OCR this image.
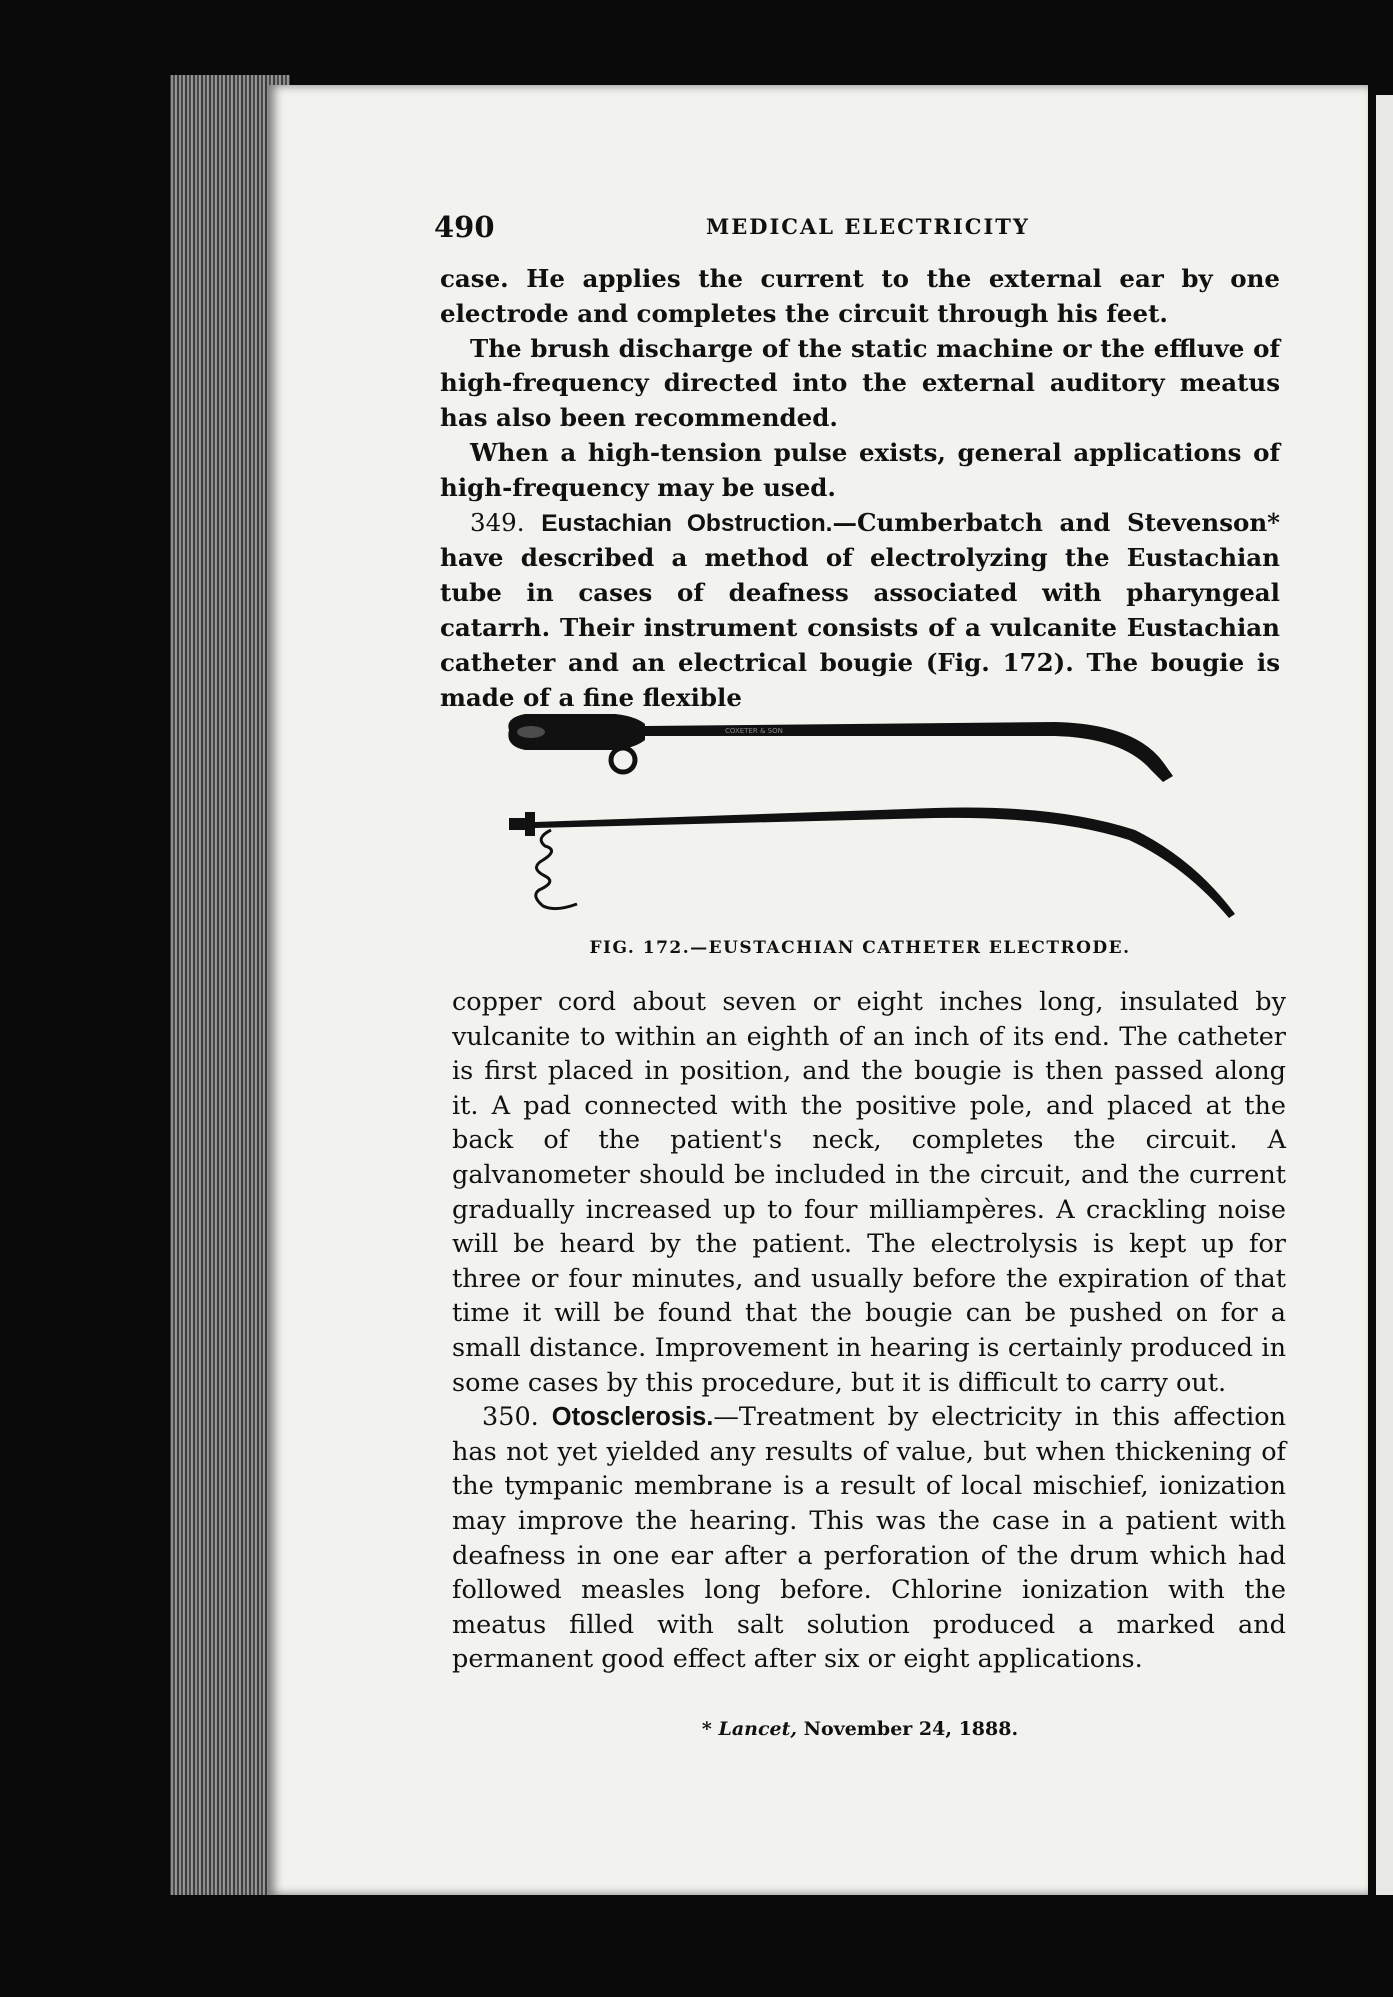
490	MEDICAL ELECTRICITY

case. He applies the current to the external ear by one electrode and completes the circuit through his feet.

The brush discharge of the static machine or the effluve of high-frequency directed into the external auditory meatus has also been recommended.

When a high-tension pulse exists, general applications of high-frequency may be used.

349. Eustachian Obstruction.—Cumberbatch and Stevenson* have described a method of electrolyzing the Eustachian tube in cases of deafness associated with pharyngeal catarrh. Their instrument consists of a vulcanite Eustachian catheter and an electrical bougie (Fig. 172). The bougie is made of a fine flexible

COXETER & SON
FIG. 172.—EUSTACHIAN CATHETER ELECTRODE.

copper cord about seven or eight inches long, insulated by vulcanite to within an eighth of an inch of its end. The catheter is first placed in position, and the bougie is then passed along it. A pad connected with the positive pole, and placed at the back of the patient's neck, completes the circuit. A galvanometer should be included in the circuit, and the current gradually increased up to four milliampères. A crackling noise will be heard by the patient. The electrolysis is kept up for three or four minutes, and usually before the expiration of that time it will be found that the bougie can be pushed on for a small distance. Improvement in hearing is certainly produced in some cases by this procedure, but it is difficult to carry out.

350. Otosclerosis.—Treatment by electricity in this affection has not yet yielded any results of value, but when thickening of the tympanic membrane is a result of local mischief, ionization may improve the hearing. This was the case in a patient with deafness in one ear after a perforation of the drum which had followed measles long before. Chlorine ionization with the meatus filled with salt solution produced a marked and permanent good effect after six or eight applications.

* Lancet, November 24, 1888.
